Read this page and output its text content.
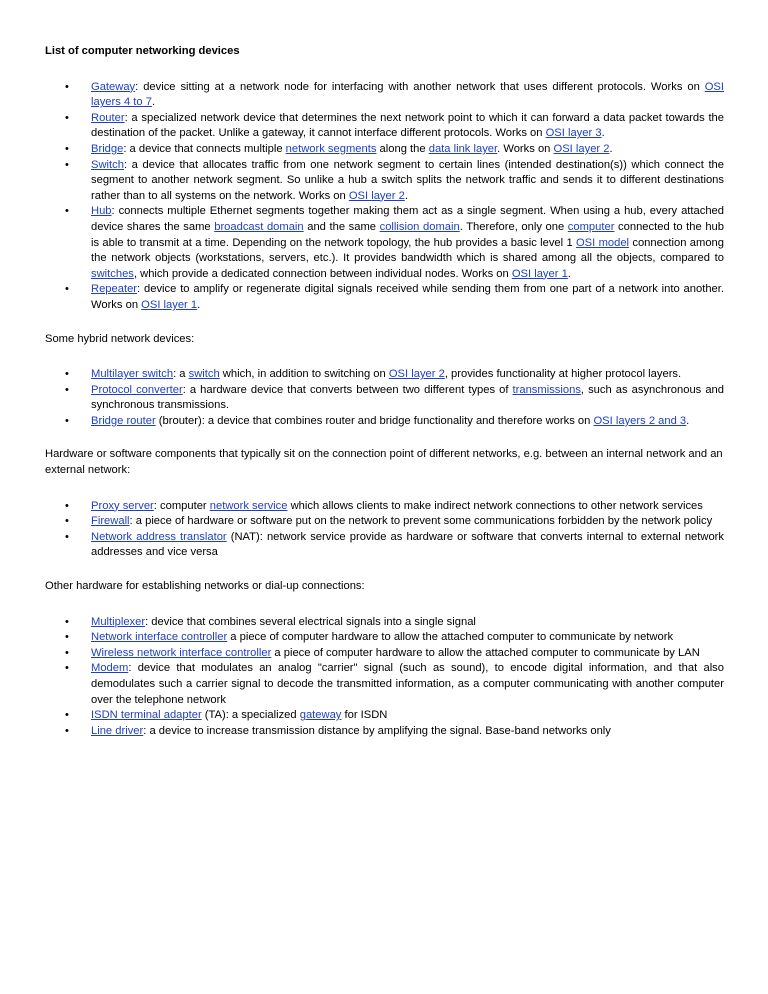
List of computer networking devices

• Gateway: device sitting at a network node for interfacing with another network that uses different protocols. Works on OSI layers 4 to 7.
• Router: a specialized network device that determines the next network point to which it can forward a data packet towards the destination of the packet. Unlike a gateway, it cannot interface different protocols. Works on OSI layer 3.
• Bridge: a device that connects multiple network segments along the data link layer. Works on OSI layer 2.
• Switch: a device that allocates traffic from one network segment to certain lines (intended destination(s)) which connect the segment to another network segment. So unlike a hub a switch splits the network traffic and sends it to different destinations rather than to all systems on the network. Works on OSI layer 2.
• Hub: connects multiple Ethernet segments together making them act as a single segment. When using a hub, every attached device shares the same broadcast domain and the same collision domain. Therefore, only one computer connected to the hub is able to transmit at a time. Depending on the network topology, the hub provides a basic level 1 OSI model connection among the network objects (workstations, servers, etc.). It provides bandwidth which is shared among all the objects, compared to switches, which provide a dedicated connection between individual nodes. Works on OSI layer 1.
• Repeater: device to amplify or regenerate digital signals received while sending them from one part of a network into another. Works on OSI layer 1.

Some hybrid network devices:

• Multilayer switch: a switch which, in addition to switching on OSI layer 2, provides functionality at higher protocol layers.
• Protocol converter: a hardware device that converts between two different types of transmissions, such as asynchronous and synchronous transmissions.
• Bridge router (brouter): a device that combines router and bridge functionality and therefore works on OSI layers 2 and 3.

Hardware or software components that typically sit on the connection point of different networks, e.g. between an internal network and an external network:

• Proxy server: computer network service which allows clients to make indirect network connections to other network services
• Firewall: a piece of hardware or software put on the network to prevent some communications forbidden by the network policy
• Network address translator (NAT): network service provide as hardware or software that converts internal to external network addresses and vice versa

Other hardware for establishing networks or dial-up connections:

• Multiplexer: device that combines several electrical signals into a single signal
• Network interface controller a piece of computer hardware to allow the attached computer to communicate by network
• Wireless network interface controller a piece of computer hardware to allow the attached computer to communicate by LAN
• Modem: device that modulates an analog "carrier" signal (such as sound), to encode digital information, and that also demodulates such a carrier signal to decode the transmitted information, as a computer communicating with another computer over the telephone network
• ISDN terminal adapter (TA): a specialized gateway for ISDN
• Line driver: a device to increase transmission distance by amplifying the signal. Base-band networks only
